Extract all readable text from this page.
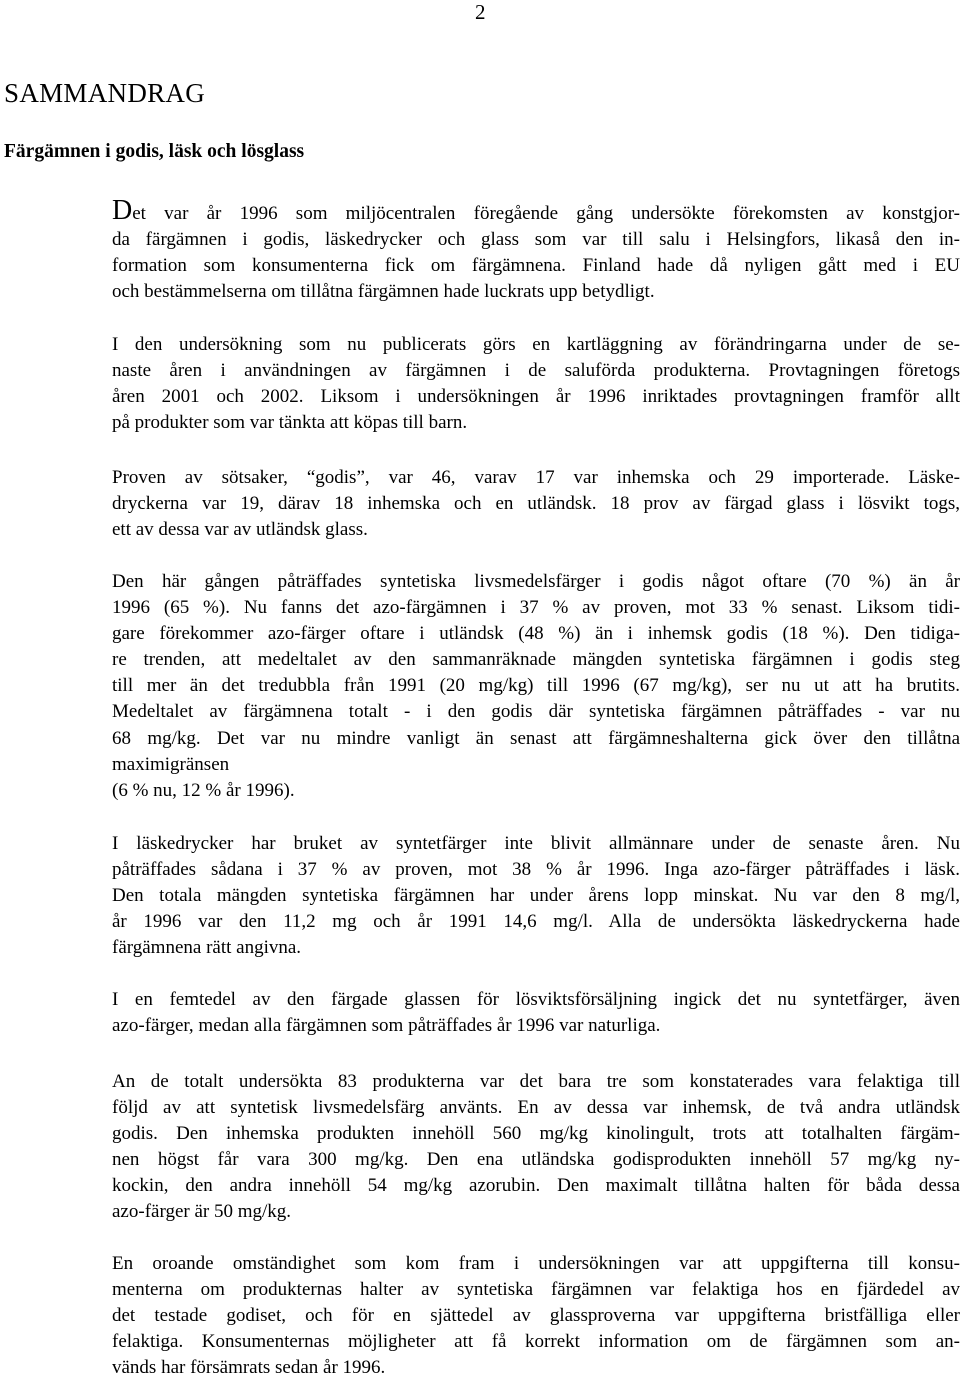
2
SAMMANDRAG
Färgämnen i godis, läsk och lösglass
Det var år 1996 som miljöcentralen föregående gång undersökte förekomsten av konstgjor-
da färgämnen i godis, läskedrycker och glass som var till salu i Helsingfors, likaså den in-
formation som konsumenterna fick om färgämnena. Finland hade då nyligen gått med i EU
och bestämmelserna om tillåtna färgämnen hade luckrats upp betydligt.
I den undersökning som nu publicerats görs en kartläggning av förändringarna under de se-
naste åren i användningen av färgämnen i de saluförda produkterna. Provtagningen företogs
åren 2001 och 2002. Liksom i undersökningen år 1996 inriktades provtagningen framför allt
på produkter som var tänkta att köpas till barn.
Proven av sötsaker, “godis”, var 46, varav 17 var inhemska och 29 importerade. Läske-
dryckerna var 19, därav 18 inhemska och en utländsk. 18 prov av färgad glass i lösvikt togs,
ett av dessa var av utländsk glass.
Den här gången påträffades syntetiska livsmedelsfärger i godis något oftare (70 %) än år
1996 (65 %). Nu fanns det azo-färgämnen i 37 % av proven, mot 33 % senast. Liksom tidi-
gare förekommer azo-färger oftare i utländsk (48 %) än i inhemsk godis (18 %). Den tidiga-
re trenden, att medeltalet av den sammanräknade mängden syntetiska färgämnen i godis steg
till mer än det tredubbla från 1991 (20 mg/kg) till 1996 (67 mg/kg), ser nu ut att ha brutits.
Medeltalet av färgämnena totalt - i den godis där syntetiska färgämnen påträffades - var nu
68 mg/kg. Det var nu mindre vanligt än senast att färgämneshalterna gick över den tillåtna
maximigränsen
(6 % nu, 12 % år 1996).
I läskedrycker har bruket av syntetfärger inte blivit allmännare under de senaste åren. Nu
påträffades sådana i 37 % av proven, mot 38 % år 1996. Inga azo-färger påträffades i läsk.
Den totala mängden syntetiska färgämnen har under årens lopp minskat. Nu var den 8 mg/l,
år 1996 var den 11,2 mg och år 1991 14,6 mg/l. Alla de undersökta läskedryckerna hade
färgämnena rätt angivna.
I en femtedel av den färgade glassen för lösviktsförsäljning ingick det nu syntetfärger, även
azo-färger, medan alla färgämnen som påträffades år 1996 var naturliga.
An de totalt undersökta 83 produkterna var det bara tre som konstaterades vara felaktiga till
följd av att syntetisk livsmedelsfärg använts. En av dessa var inhemsk, de två andra utländsk
godis. Den inhemska produkten innehöll 560 mg/kg kinolingult, trots att totalhalten färgäm-
nen högst får vara 300 mg/kg. Den ena utländska godisprodukten innehöll 57 mg/kg ny-
kockin, den andra innehöll 54 mg/kg azorubin. Den maximalt tillåtna halten för båda dessa
azo-färger är 50 mg/kg.
En oroande omständighet som kom fram i undersökningen var att uppgifterna till konsu-
menterna om produkternas halter av syntetiska färgämnen var felaktiga hos en fjärdedel av
det testade godiset, och för en sjättedel av glassproverna var uppgifterna bristfälliga eller
felaktiga. Konsumenternas möjligheter att få korrekt information om de färgämnen som an-
vänds har försämrats sedan år 1996.
